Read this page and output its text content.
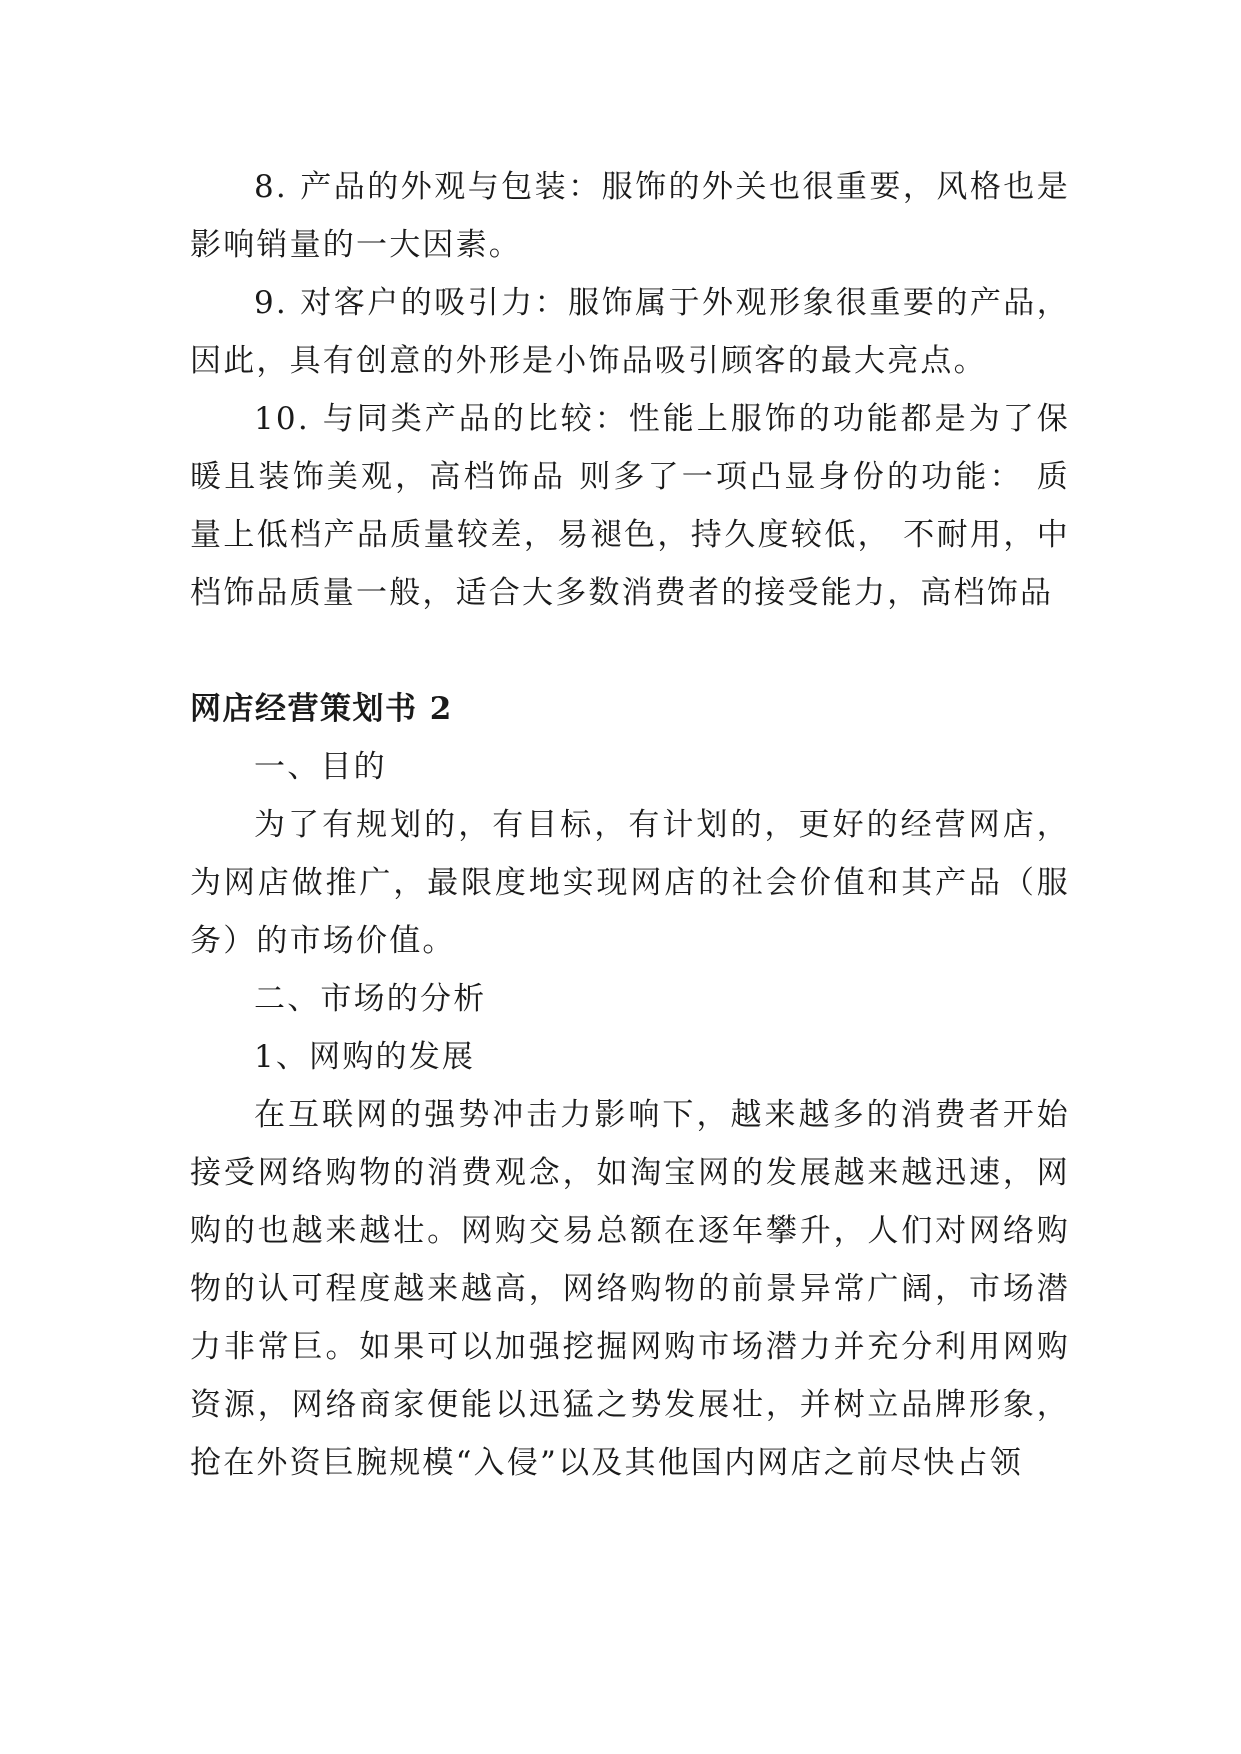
8. 产品的外观与包装：服饰的外关也很重要，风格也是影响销量的一大因素。

9. 对客户的吸引力：服饰属于外观形象很重要的产品，因此，具有创意的外形是小饰品吸引顾客的最大亮点。

10. 与同类产品的比较：性能上服饰的功能都是为了保暖且装饰美观，高档饰品 则多了一项凸显身份的功能： 质量上低档产品质量较差，易褪色，持久度较低， 不耐用，中档饰品质量一般，适合大多数消费者的接受能力，高档饰品

网店经营策划书 2

一、目的

为了有规划的，有目标，有计划的，更好的经营网店，为网店做推广，最限度地实现网店的社会价值和其产品（服务）的市场价值。

二、市场的分析

1、网购的发展

在互联网的强势冲击力影响下，越来越多的消费者开始接受网络购物的消费观念，如淘宝网的发展越来越迅速，网购的也越来越壮。网购交易总额在逐年攀升，人们对网络购物的认可程度越来越高，网络购物的前景异常广阔，市场潜力非常巨。如果可以加强挖掘网购市场潜力并充分利用网购资源，网络商家便能以迅猛之势发展壮，并树立品牌形象，抢在外资巨腕规模“入侵”以及其他国内网店之前尽快占领
